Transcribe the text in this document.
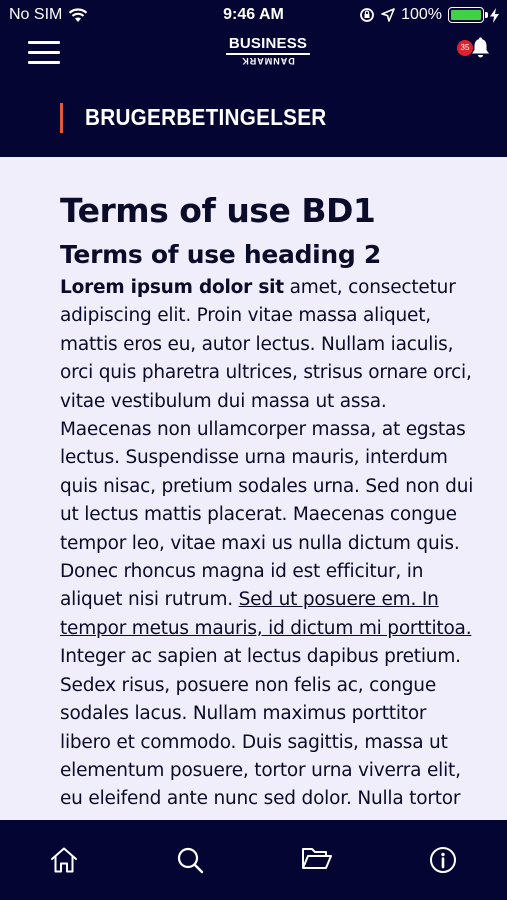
No SIM	9:46 AM	100%
BUSINESS
DANMARK
35
BRUGERBETINGELSER
Terms of use BD1
Terms of use heading 2

Lorem ipsum dolor sit amet, consectetur adipiscing elit. Proin vitae massa aliquet, mattis eros eu, autor lectus. Nullam iaculis, orci quis pharetra ultrices, strisus ornare orci, vitae vestibulum dui massa ut assa. Maecenas non ullamcorper massa, at egstas lectus. Suspendisse urna mauris, interdum quis nisac, pretium sodales urna. Sed non dui ut lectus mattis placerat. Maecenas congue tempor leo, vitae maxi us nulla dictum quis. Donec rhoncus magna id est efficitur, in aliquet nisi rutrum. Sed ut posuere em. In tempor metus mauris, id dictum mi porttitoa. Integer ac sapien at lectus dapibus pretium. Sedex risus, posuere non felis ac, congue sodales lacus. Nullam maximus porttitor libero et commodo. Duis sagittis, massa ut elementum posuere, tortor urna viverra elit, eu eleifend ante nunc sed dolor. Nulla tortor
